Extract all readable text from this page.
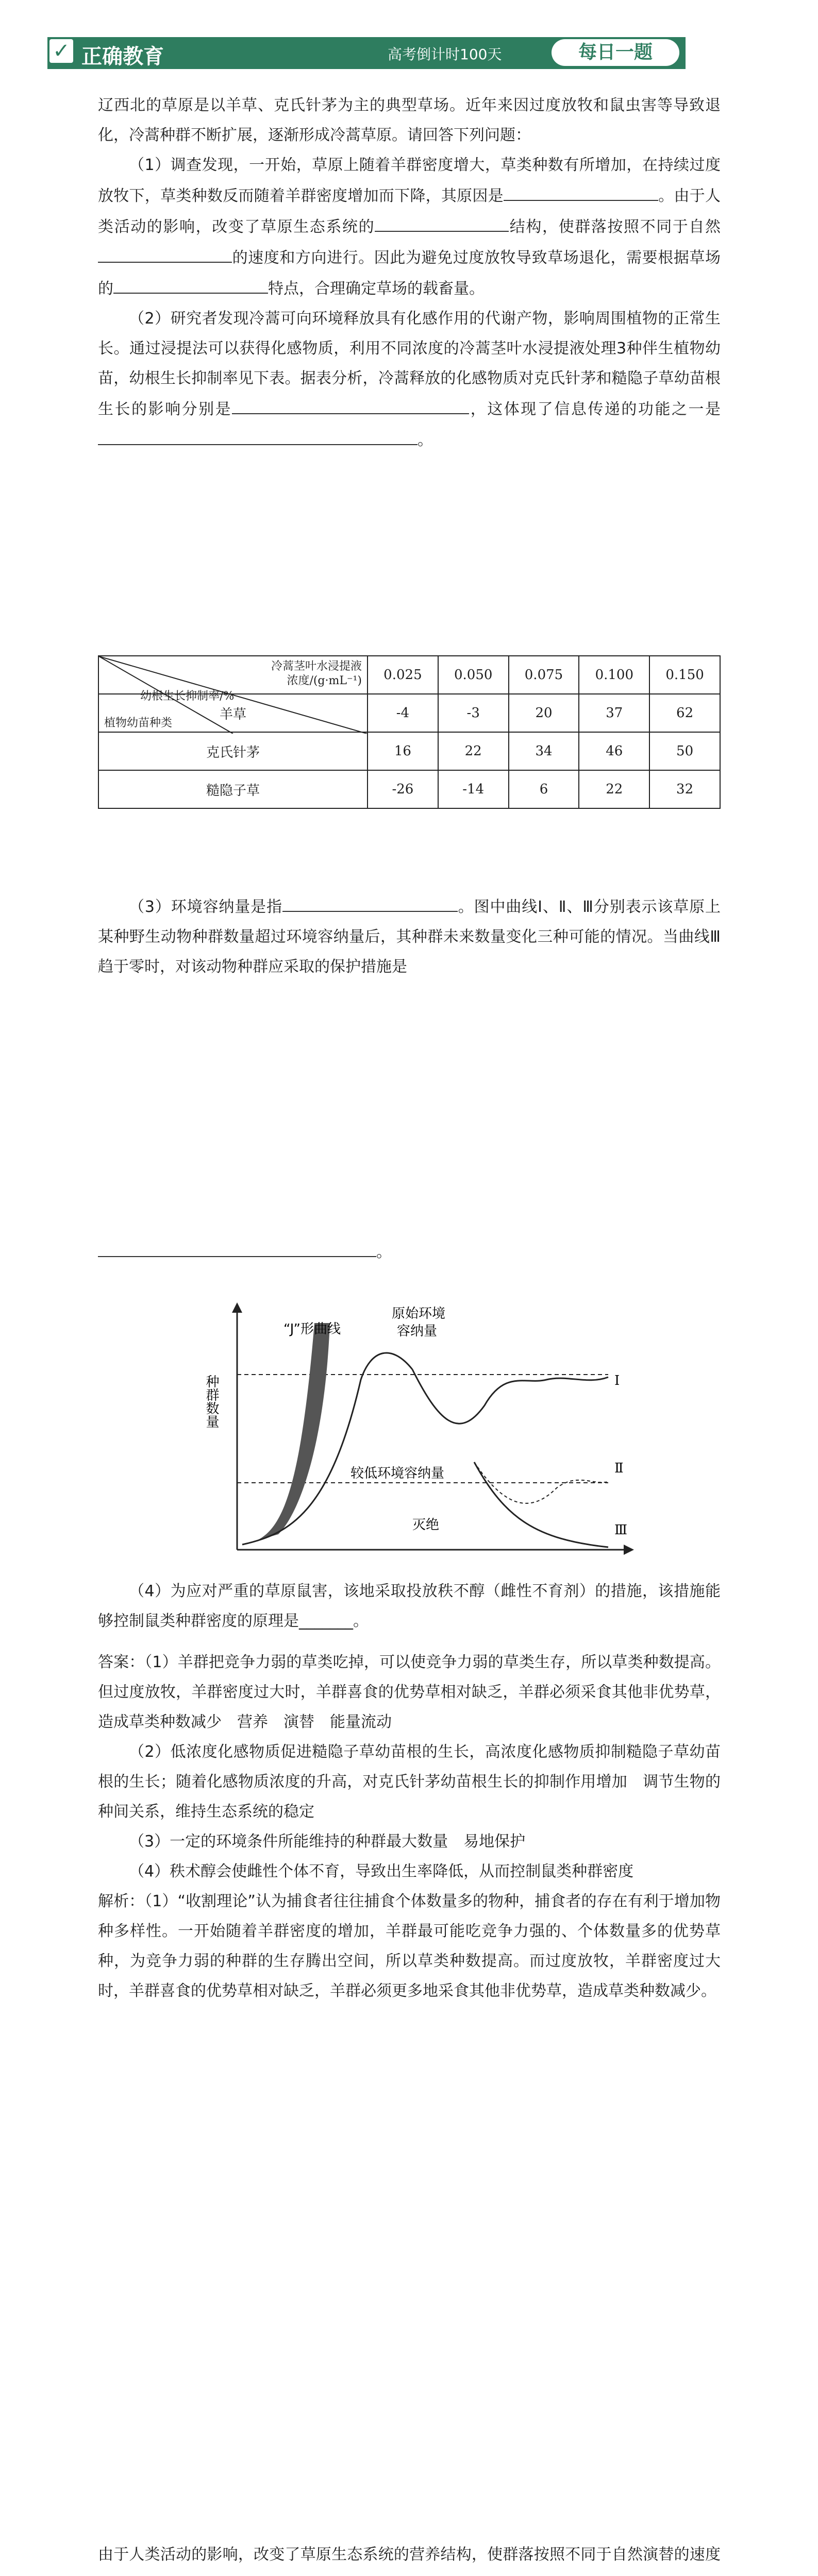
✓ 正确教育	高考倒计时100天	每日一题

辽西北的草原是以羊草、克氏针茅为主的典型草场。近年来因过度放牧和鼠虫害等导致退化，冷蒿种群不断扩展，逐渐形成冷蒿草原。请回答下列问题：

（1）调查发现，一开始，草原上随着羊群密度增大，草类种数有所增加，在持续过度放牧下，草类种数反而随着羊群密度增加而下降，其原因是	。由于人类活动的影响，改变了草原生态系统的	结构，使群落按照不同于自然的速度和方向进行。因此为避免过度放牧导致草场退化，需要根据草场的	特点，合理确定草场的载畜量。

（2）研究者发现冷蒿可向环境释放具有化感作用的代谢产物，影响周围植物的正常生长。通过浸提法可以获得化感物质，利用不同浓度的冷蒿茎叶水浸提液处理3种伴生植物幼苗，幼根生长抑制率见下表。据表分析，冷蒿释放的化感物质对克氏针茅和糙隐子草幼苗根生长的影响分别是	，这体现了信息传递的功能之一是。

冷蒿茎叶水浸提液
浓度/(g·mL⁻¹)
幼根生长抑制率/%
植物幼苗种类	0.025	0.050	0.075	0.100	0.150
羊草	-4	-3	20	37	62
克氏针茅	16	22	34	46	50
糙隐子草	-26	-14	6	22	32

（3）环境容纳量是指	。图中曲线Ⅰ、Ⅱ、Ⅲ分别表示该草原上某种野生动物种群数量超过环境容纳量后，其种群未来数量变化三种可能的情况。当曲线Ⅲ趋于零时，对该动物种群应采取的保护措施是

。

种群数量
“J”形曲线
原始环境
容纳量
较低环境容纳量
灭绝
Ⅰ
Ⅱ
Ⅲ

（4）为应对严重的草原鼠害，该地采取投放秩不醇（雌性不育剂）的措施，该措施能够控制鼠类种群密度的原理是_______。

答案：（1）羊群把竞争力弱的草类吃掉，可以使竞争力弱的草类生存，所以草类种数提高。但过度放牧，羊群密度过大时，羊群喜食的优势草相对缺乏，羊群必须采食其他非优势草，造成草类种数减少　营养　演替　能量流动

（2）低浓度化感物质促进糙隐子草幼苗根的生长，高浓度化感物质抑制糙隐子草幼苗根的生长；随着化感物质浓度的升高，对克氏针茅幼苗根生长的抑制作用增加　调节生物的种间关系，维持生态系统的稳定

（3）一定的环境条件所能维持的种群最大数量　易地保护

（4）秩术醇会使雌性个体不育，导致出生率降低，从而控制鼠类种群密度

解析：（1）“收割理论”认为捕食者往往捕食个体数量多的物种，捕食者的存在有利于增加物种多样性。一开始随着羊群密度的增加，羊群最可能吃竞争力强的、个体数量多的优势草种，为竞争力弱的种群的生存腾出空间，所以草类种数提高。而过度放牧，羊群密度过大时，羊群喜食的优势草相对缺乏，羊群必须更多地采食其他非优势草，造成草类种数减少。

由于人类活动的影响，改变了草原生态系统的营养结构，使群落按照不同于自然演替的速度
